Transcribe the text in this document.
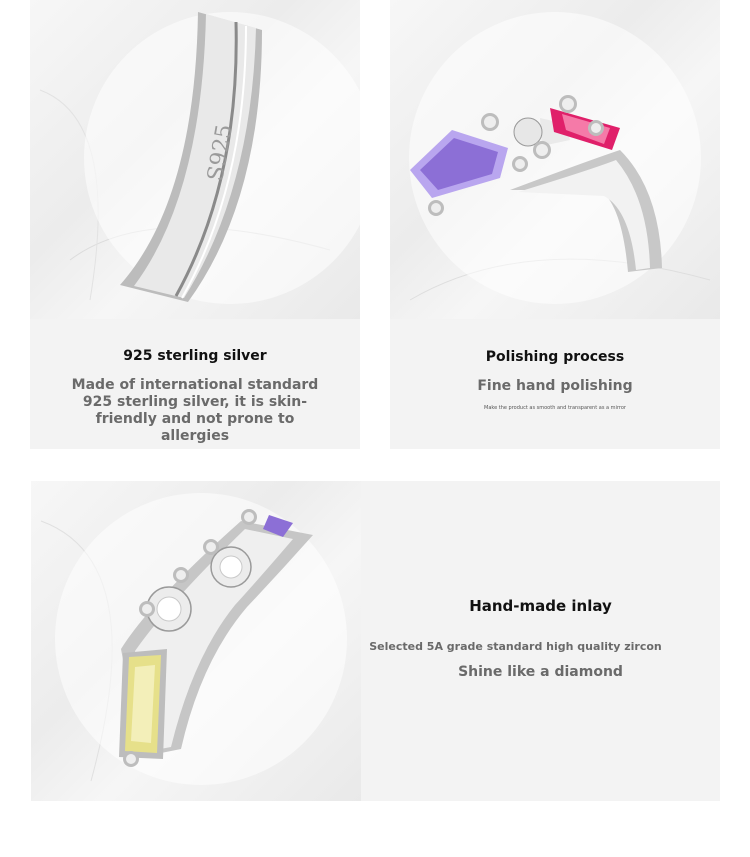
S925
925 sterling silver
Made of international standard 925 sterling silver, it is skin-friendly and not prone to allergies
Polishing process
Fine hand polishing
Make the product as smooth and transparent as a mirror
Hand-made inlay
Selected 5A grade standard high quality zircon
Shine like a diamond
